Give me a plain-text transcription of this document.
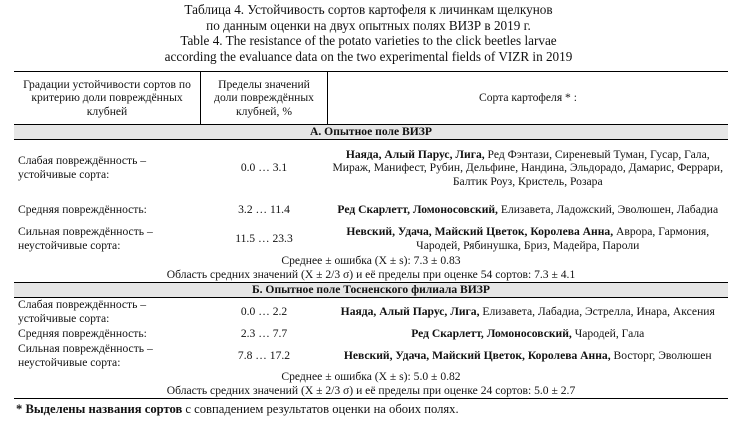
Таблица 4. Устойчивость сортов картофеля к личинкам щелкунов
по данным оценки на двух опытных полях ВИЗР в 2019 г.
Table 4. The resistance of the potato varieties to the click beetles larvae
according the evaluance data on the two experimental fields of VIZR in 2019
Градации устойчивости сортов по критерию доли повреждённых клубней	Пределы значений доли повреждённых клубней, %	Сорта картофеля * :
А. Опытное поле ВИЗР		
Слабая повреждённость – устойчивые сорта:	0.0 … 3.1	Наяда, Алый Парус, Лига, Ред Фэнтази, Сиреневый Туман, Гусар, Гала, Мираж, Манифест, Рубин, Дельфине, Нандина, Эльдорадо, Дамарис, Феррари, Балтик Роуз, Кристель, Розара
Средняя повреждённость:	3.2 … 11.4	Ред Скарлетт, Ломоносовский, Елизавета, Ладожский, Эволюшен, Лабадиа
Сильная повреждённость – неустойчивые сорта:	11.5 … 23.3	Невский, Удача, Майский Цветок, Королева Анна, Аврора, Гармония, Чародей, Рябинушка, Бриз, Мадейра, Пароли
Среднее ± ошибка (X ± s): 7.3 ± 0.83		
Область средних значений (X ± 2/3 σ) и её пределы при оценке 54 сортов: 7.3 ± 4.1		
Б. Опытное поле Тосненского филиала ВИЗР		
Слабая повреждённость – устойчивые сорта:	0.0 … 2.2	Наяда, Алый Парус, Лига, Елизавета, Лабадиа, Эстрелла, Инара, Аксения
Средняя повреждённость:	2.3 … 7.7	Ред Скарлетт, Ломоносовский, Чародей, Гала
Сильная повреждённость – неустойчивые сорта:	7.8 … 17.2	Невский, Удача, Майский Цветок, Королева Анна, Восторг, Эволюшен
Среднее ± ошибка (X ± s): 5.0 ± 0.82		
Область средних значений (X ± 2/3 σ) и её пределы при оценке 24 сортов: 5.0 ± 2.7		
* Выделены названия сортов с совпадением результатов оценки на обоих полях.
